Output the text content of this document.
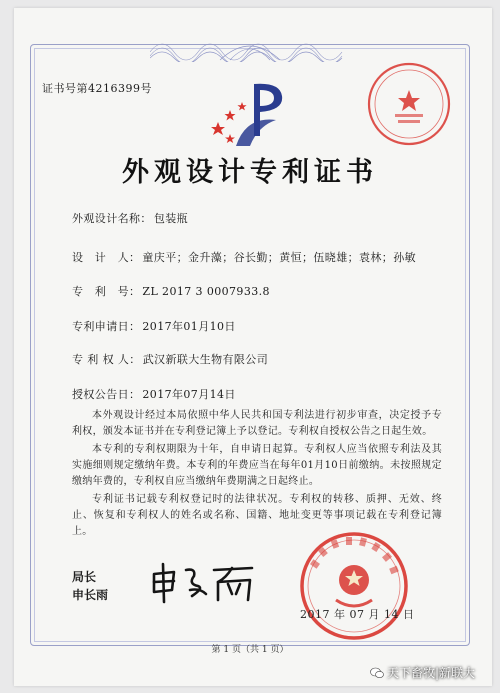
证书号第4216399号
外观设计专利证书
外观设计名称： 包装瓶
设　计　人： 童庆平；金升藻；谷长勤；黄恒；伍晓雄；袁林；孙敏
专　利　号： ZL 2017 3 0007933.8
专利申请日： 2017年01月10日
专 利 权 人： 武汉新联大生物有限公司
授权公告日： 2017年07月14日

本外观设计经过本局依照中华人民共和国专利法进行初步审查，决定授予专利权，颁发本证书并在专利登记簿上予以登记。专利权自授权公告之日起生效。

本专利的专利权期限为十年，自申请日起算。专利权人应当依照专利法及其实施细则规定缴纳年费。本专利的年费应当在每年01月10日前缴纳。未按照规定缴纳年费的，专利权自应当缴纳年费期满之日起终止。

专利证书记载专利权登记时的法律状况。专利权的转移、质押、无效、终止、恢复和专利权人的姓名或名称、国籍、地址变更等事项记载在专利登记簿上。

局长
申长雨
2017 年 07 月 14 日
第 1 页（共 1 页）
天下畜牧|新联大
